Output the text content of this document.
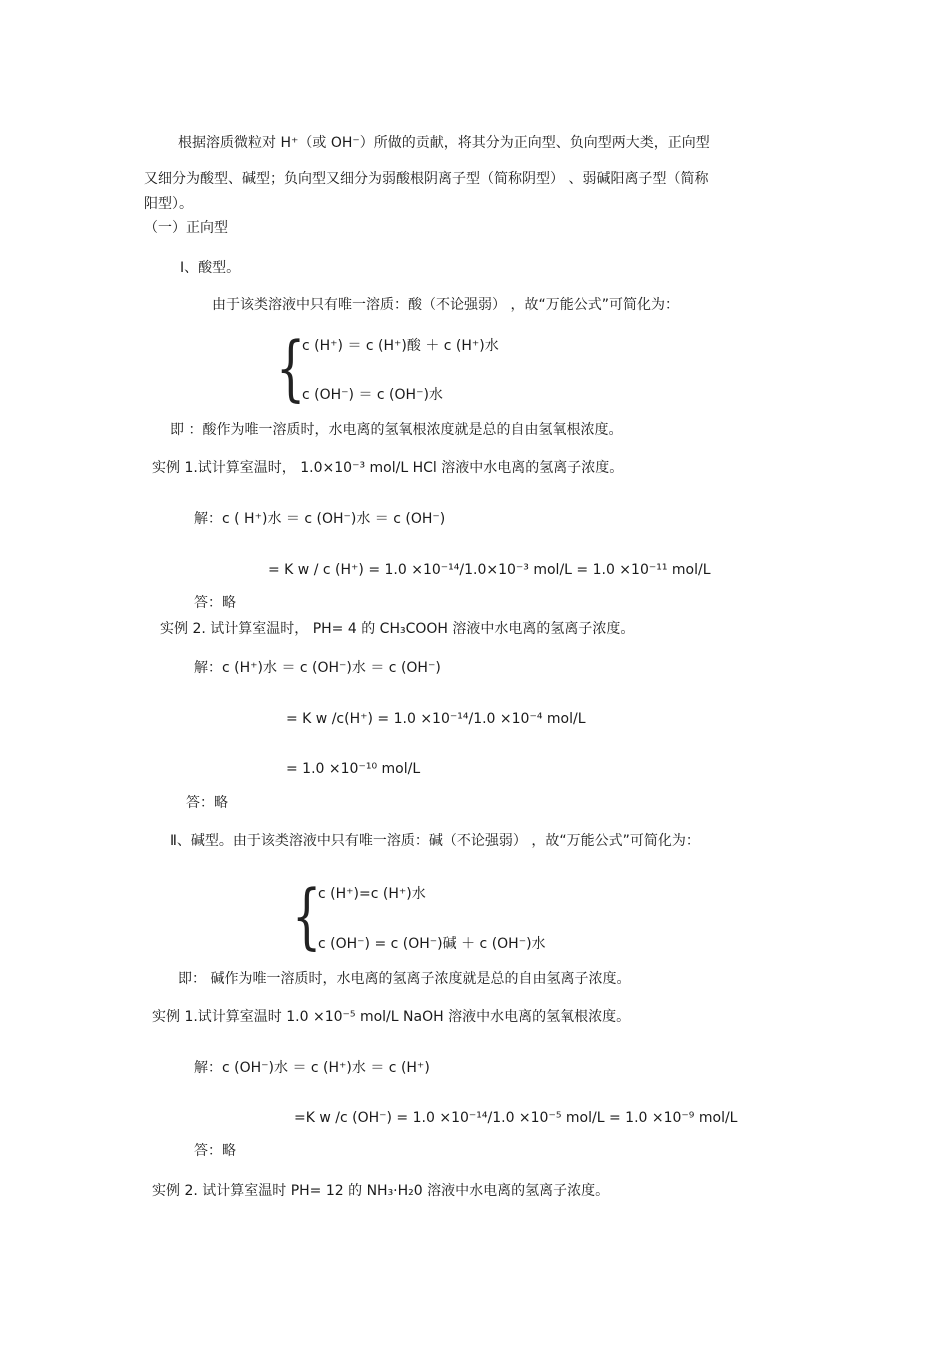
根据溶质微粒对 H⁺（或 OH⁻）所做的贡献，将其分为正向型、负向型两大类，正向型
又细分为酸型、碱型；负向型又细分为弱酸根阴离子型（简称阴型） 、弱碱阳离子型（简称
阳型）。
（一）正向型
Ⅰ、酸型。
由于该类溶液中只有唯一溶质：酸（不论强弱） ，故“万能公式”可简化为：
{
c (H⁺) ＝ c (H⁺)酸 ＋ c (H⁺)水
c (OH⁻) ＝ c (OH⁻)水
即 ：酸作为唯一溶质时，水电离的氢氧根浓度就是总的自由氢氧根浓度。
实例 1.试计算室温时， 1.0×10⁻³ mol/L HCl 溶液中水电离的氢离子浓度。
解：c ( H⁺)水 ＝ c (OH⁻)水 ＝ c (OH⁻)
= K w / c (H⁺) = 1.0 ×10⁻¹⁴/1.0×10⁻³ mol/L = 1.0 ×10⁻¹¹ mol/L
答：略
实例 2. 试计算室温时， PH= 4 的 CH₃COOH 溶液中水电离的氢离子浓度。
解：c (H⁺)水 ＝ c (OH⁻)水 ＝ c (OH⁻)
= K w /c(H⁺) = 1.0 ×10⁻¹⁴/1.0 ×10⁻⁴ mol/L
= 1.0 ×10⁻¹⁰ mol/L
答：略
Ⅱ、碱型。由于该类溶液中只有唯一溶质：碱（不论强弱） ，故“万能公式”可简化为：
{
c (H⁺)=c (H⁺)水
c (OH⁻) = c (OH⁻)碱 ＋ c (OH⁻)水
即： 碱作为唯一溶质时，水电离的氢离子浓度就是总的自由氢离子浓度。
实例 1.试计算室温时 1.0 ×10⁻⁵ mol/L NaOH 溶液中水电离的氢氧根浓度。
解：c (OH⁻)水 ＝ c (H⁺)水 ＝ c (H⁺)
=K w /c (OH⁻) = 1.0 ×10⁻¹⁴/1.0 ×10⁻⁵ mol/L = 1.0 ×10⁻⁹ mol/L
答：略
实例 2. 试计算室温时 PH= 12 的 NH₃·H₂0 溶液中水电离的氢离子浓度。
